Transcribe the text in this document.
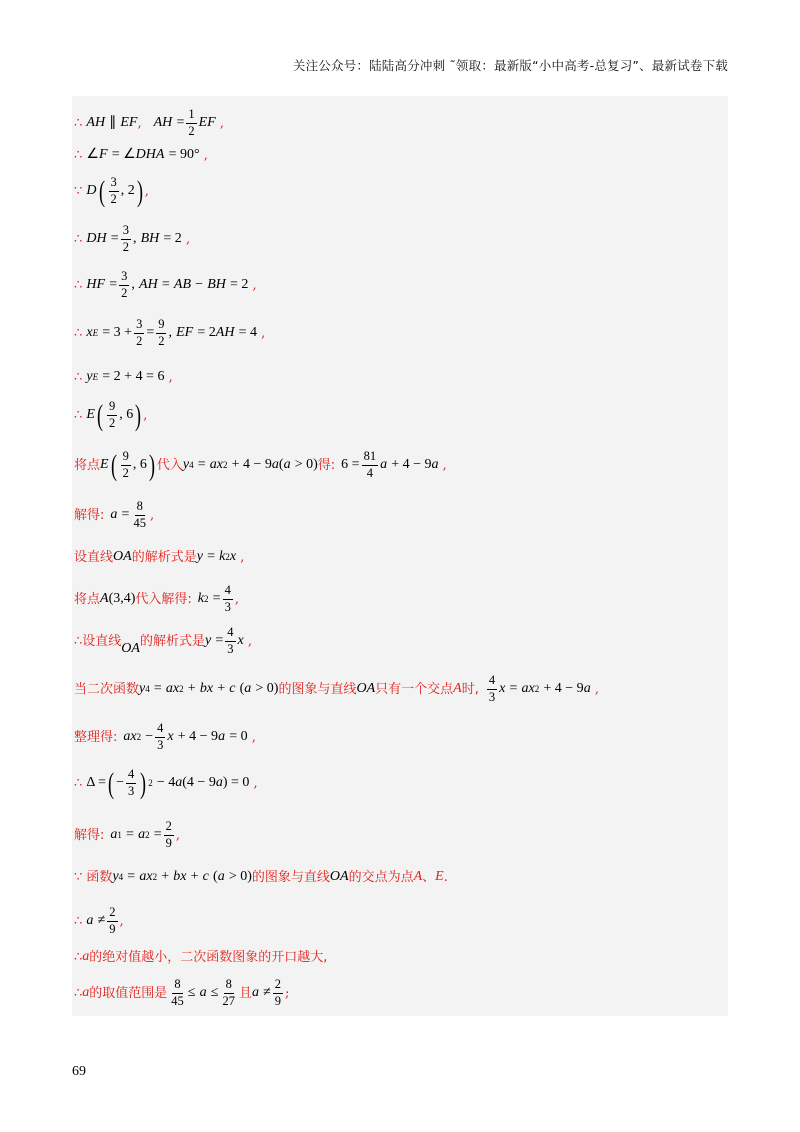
关注公众号：陆陆高分冲刺 ˜领取：最新版“小中高考-总复习”、最新试卷下载
∴
AH
∥
EF , AH
= $\frac{1}{2}$ EF
,
∴
∠ F
= ∠ DHA
= 90°
,
∵
D ( $\frac{3}{2}$ , 2 ) ,
∴
DH
= $\frac{3}{2}$ ,
BH
= 2
,
∴
HF
= $\frac{3}{2}$ ,
AH
=
AB
−
BH
= 2
,
∴
x E
= $3 + \frac{3}{2} = \frac{9}{2}$ ,
EF
= 2 AH
= 4
,
∴
y E
= 2 + 4 = 6
,
∴
E ( $\frac{9}{2}$ , 6 ) ,
将点 E ( $\frac{9}{2}$ , 6 ) 代入 y 4
=
ax 2
+ 4 − 9 a ( a
> 0) 得: $6 = \frac{81}{4}$ a
+ 4 − 9 a
,
解得: a
= $\frac{8}{45}$ ,
设直线 OA 的解析式是 y
=
k 2 x
,
将点 A (3,4) 代入解得: k 2
= $\frac{4}{3}$ ,
∴ 设直线 OA 的解析式是 y
= $\frac{4}{3}$ x
,
当二次函数 y 4
=
ax 2
+
bx
+
c
( a
> 0) 的图象与直线 OA 只有一个交点 A 时, $\frac{4}{3}$ x
=
ax 2
+ 4 − 9 a
,
整理得: ax 2
− $\frac{4}{3}$ x
+ 4 − 9 a
= 0
,
∴
Δ = ( − $\frac{4}{3}$ ) 2
− 4 a (4 − 9 a ) = 0
,
解得: a 1
=
a 2
= $\frac{2}{9}$ ,
∵
函数 y 4
=
ax 2
+
bx
+
c
( a
> 0) 的图象与直线 OA 的交点为点 A 、 E .
∴
a
≠ $\frac{2}{9}$ ,
∴ a 的绝对值越小，二次函数图象的开口越大,
∴ a 的取值范围是 $\frac{8}{45}$ ≤
a
≤ $\frac{8}{27}$ 且 a
≠ $\frac{2}{9}$ ;
69
